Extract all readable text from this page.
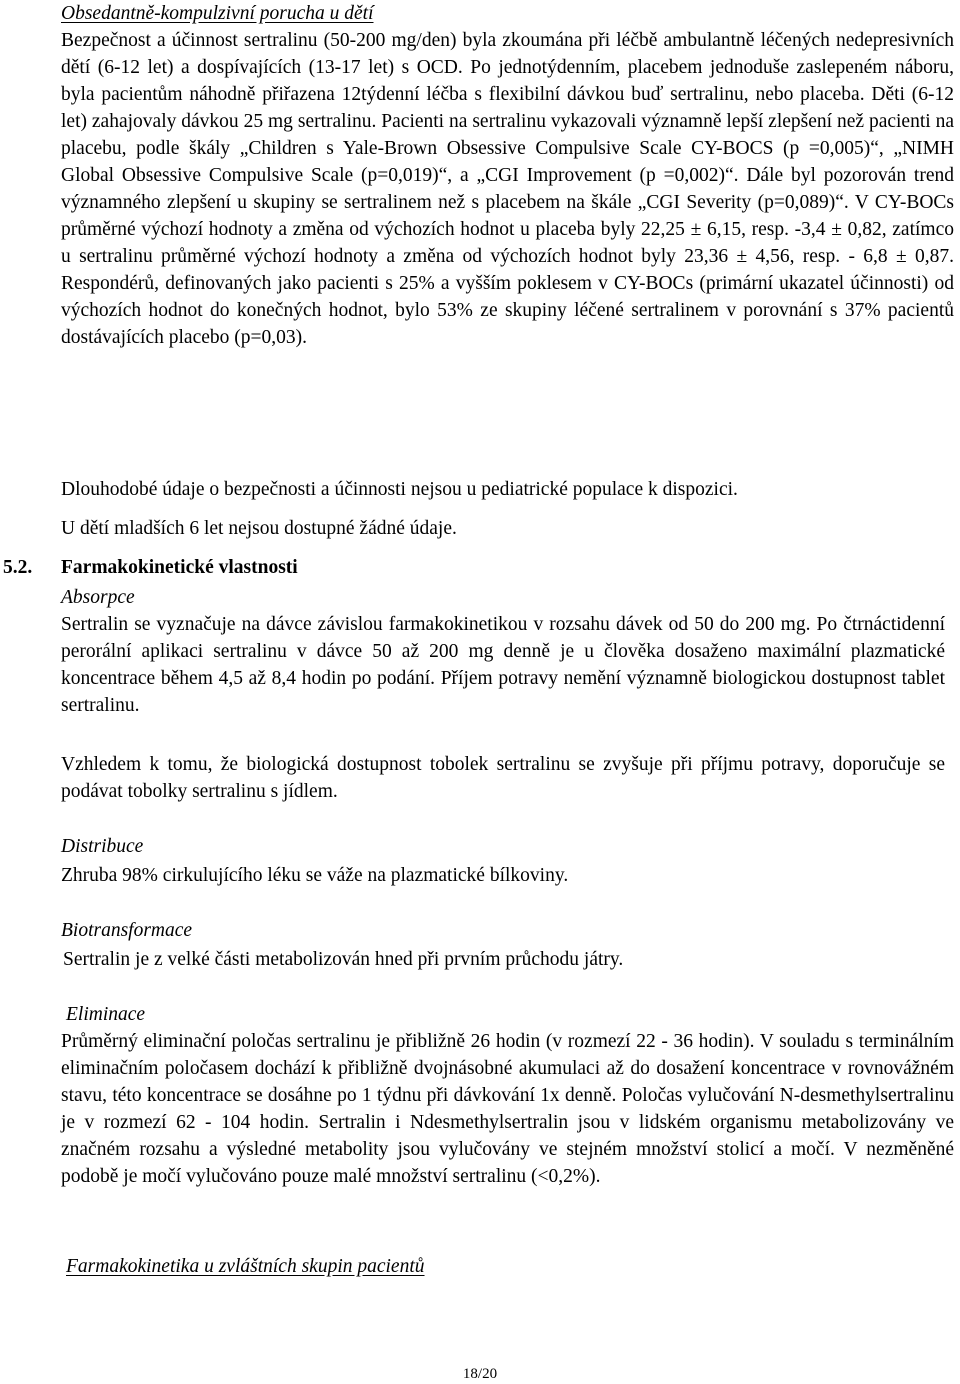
Obsedantně-kompulzivní porucha u dětí

Bezpečnost a účinnost sertralinu (50-200 mg/den) byla zkoumána při léčbě ambulantně léčených nedepresivních dětí (6-12 let) a dospívajících (13-17 let) s OCD. Po jednotýdenním, placebem jednoduše zaslepeném náboru, byla pacientům náhodně přiřazena 12týdenní léčba s flexibilní dávkou buď sertralinu, nebo placeba. Děti (6-12 let) zahajovaly dávkou 25 mg sertralinu. Pacienti na sertralinu vykazovali významně lepší zlepšení než pacienti na placebu, podle škály „Children s Yale-Brown Obsessive Compulsive Scale CY-BOCS (p =0,005)“, „NIMH Global Obsessive Compulsive Scale (p=0,019)“, a „CGI Improvement (p =0,002)“. Dále byl pozorován trend významného zlepšení u skupiny se sertralinem než s placebem na škále „CGI Severity (p=0,089)“. V CY-BOCs průměrné výchozí hodnoty a změna od výchozích hodnot u placeba byly 22,25 ± 6,15, resp. -3,4 ± 0,82, zatímco u sertralinu průměrné výchozí hodnoty a změna od výchozích hodnot byly 23,36 ± 4,56, resp. - 6,8 ± 0,87. Respondérů, definovaných jako pacienti s 25% a vyšším poklesem v CY-BOCs (primární ukazatel účinnosti) od výchozích hodnot do konečných hodnot, bylo 53% ze skupiny léčené sertralinem v porovnání s 37% pacientů dostávajících placebo (p=0,03).

Dlouhodobé údaje o bezpečnosti a účinnosti nejsou u pediatrické populace k dispozici.

U dětí mladších 6 let nejsou dostupné žádné údaje.

5.2. Farmakokinetické vlastnosti
Absorpce

Sertralin se vyznačuje na dávce závislou farmakokinetikou v rozsahu dávek od 50 do 200 mg. Po čtrnáctidenní perorální aplikaci sertralinu v dávce 50 až 200 mg denně je u člověka dosaženo maximální plazmatické koncentrace během 4,5 až 8,4 hodin po podání. Příjem potravy nemění významně biologickou dostupnost tablet sertralinu.

Vzhledem k tomu, že biologická dostupnost tobolek sertralinu se zvyšuje při příjmu potravy, doporučuje se podávat tobolky sertralinu s jídlem.

Distribuce

Zhruba 98% cirkulujícího léku se váže na plazmatické bílkoviny.

Biotransformace

Sertralin je z velké části metabolizován hned při prvním průchodu játry.

Eliminace

Průměrný eliminační poločas sertralinu je přibližně 26 hodin (v rozmezí 22 - 36 hodin). V souladu s terminálním eliminačním poločasem dochází k přibližně dvojnásobné akumulaci až do dosažení koncentrace v rovnovážném stavu, této koncentrace se dosáhne po 1 týdnu při dávkování 1x denně. Poločas vylučování N-desmethylsertralinu je v rozmezí 62 - 104 hodin. Sertralin i Ndesmethylsertralin jsou v lidském organismu metabolizovány ve značném rozsahu a výsledné metabolity jsou vylučovány ve stejném množství stolicí a močí. V nezměněné podobě je močí vylučováno pouze malé množství sertralinu (<0,2%).

Farmakokinetika u zvláštních skupin pacientů
18/20
